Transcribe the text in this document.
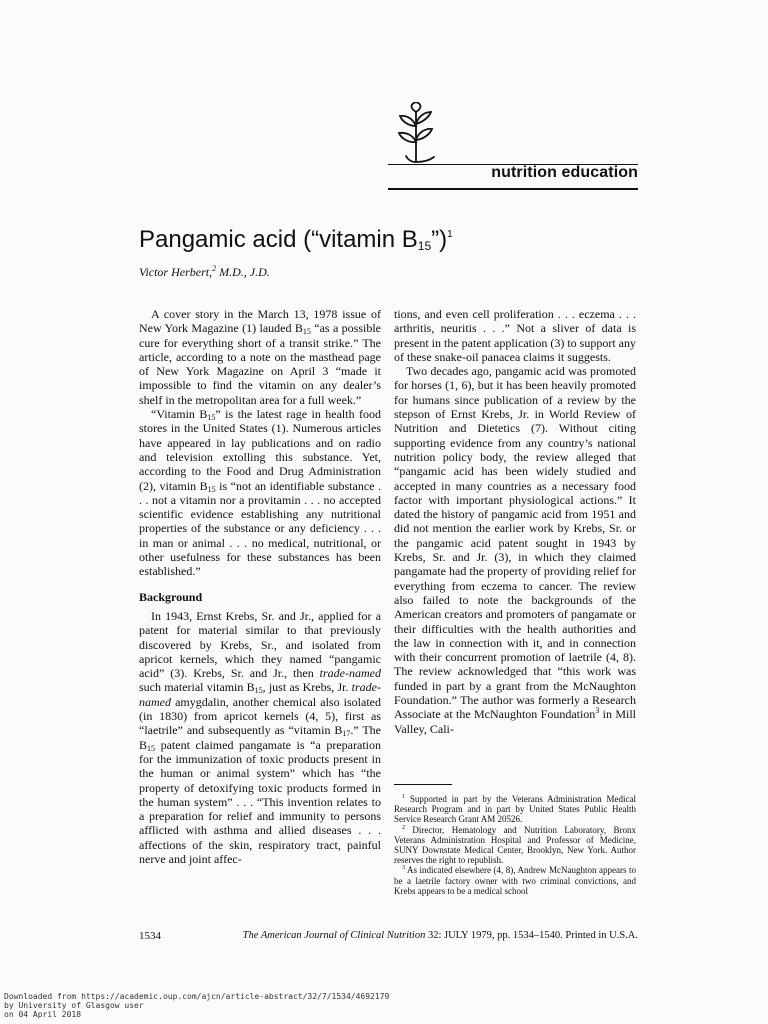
nutrition education
Pangamic acid (“vitamin $B_{15}”)^1$
Victor Herbert,$^2$ M.D., J.D.

A cover story in the March 13, 1978 issue of New York Magazine (1) lauded $B_{15}$ “as a possible cure for everything short of a transit strike.” The article, according to a note on the masthead page of New York Magazine on April 3 “made it impossible to find the vitamin on any dealer’s shelf in the metropolitan area for a full week.”

“Vitamin $B_{15}$” is the latest rage in health food stores in the United States (1). Numerous articles have appeared in lay publications and on radio and television extolling this substance. Yet, according to the Food and Drug Administration (2), vitamin $B_{15}$ is “not an identifiable substance . . . not a vitamin nor a provitamin . . . no accepted scientific evidence establishing any nutritional properties of the substance or any deficiency . . . in man or animal . . . no medical, nutritional, or other usefulness for these substances has been established.”

Background

In 1943, Ernst Krebs, Sr. and Jr., applied for a patent for material similar to that previously discovered by Krebs, Sr., and isolated from apricot kernels, which they named “pangamic acid” (3). Krebs, Sr. and Jr., then trade-named such material vitamin $B_{15}$, just as Krebs, Jr. trade-named amygdalin, another chemical also isolated (in 1830) from apricot kernels (4, 5), first as “laetrile” and subsequently as “vitamin $B_{17}$.” The $B_{15}$ patent claimed pangamate is “a preparation for the immunization of toxic products present in the human or animal system” which has “the property of detoxifying toxic products formed in the human system” . . . “This invention relates to a preparation for relief and immunity to persons afflicted with asthma and allied diseases . . . affections of the skin, respiratory tract, painful nerve and joint affec-

tions, and even cell proliferation . . . eczema . . . arthritis, neuritis . . .” Not a sliver of data is present in the patent application (3) to support any of these snake-oil panacea claims it suggests.

Two decades ago, pangamic acid was promoted for horses (1, 6), but it has been heavily promoted for humans since publication of a review by the stepson of Ernst Krebs, Jr. in World Review of Nutrition and Dietetics (7). Without citing supporting evidence from any country’s national nutrition policy body, the review alleged that “pangamic acid has been widely studied and accepted in many countries as a necessary food factor with important physiological actions.” It dated the history of pangamic acid from 1951 and did not mention the earlier work by Krebs, Sr. or the pangamic acid patent sought in 1943 by Krebs, Sr. and Jr. (3), in which they claimed pangamate had the property of providing relief for everything from eczema to cancer. The review also failed to note the backgrounds of the American creators and promoters of pangamate or their difficulties with the health authorities and the law in connection with it, and in connection with their concurrent promotion of laetrile (4, 8). The review acknowledged that “this work was funded in part by a grant from the McNaughton Foundation.” The author was formerly a Research Associate at the McNaughton Foundation$^3$ in Mill Valley, Cali-

$^1$ Supported in part by the Veterans Administration Medical Research Program and in part by United States Public Health Service Research Grant AM 20526.

$^2$ Director, Hematology and Nutrition Laboratory, Bronx Veterans Administration Hospital and Professor of Medicine, SUNY Downstate Medical Center, Brooklyn, New York. Author reserves the right to republish.

$^3$ As indicated elsewhere (4, 8), Andrew McNaughton appears to be a laetrile factory owner with two criminal convictions, and Krebs appears to be a medical school

1534	The American Journal of Clinical Nutrition 32: JULY 1979, pp. 1534–1540. Printed in U.S.A.
Downloaded from https://academic.oup.com/ajcn/article-abstract/32/7/1534/4692179
by University of Glasgow user
on 04 April 2018
